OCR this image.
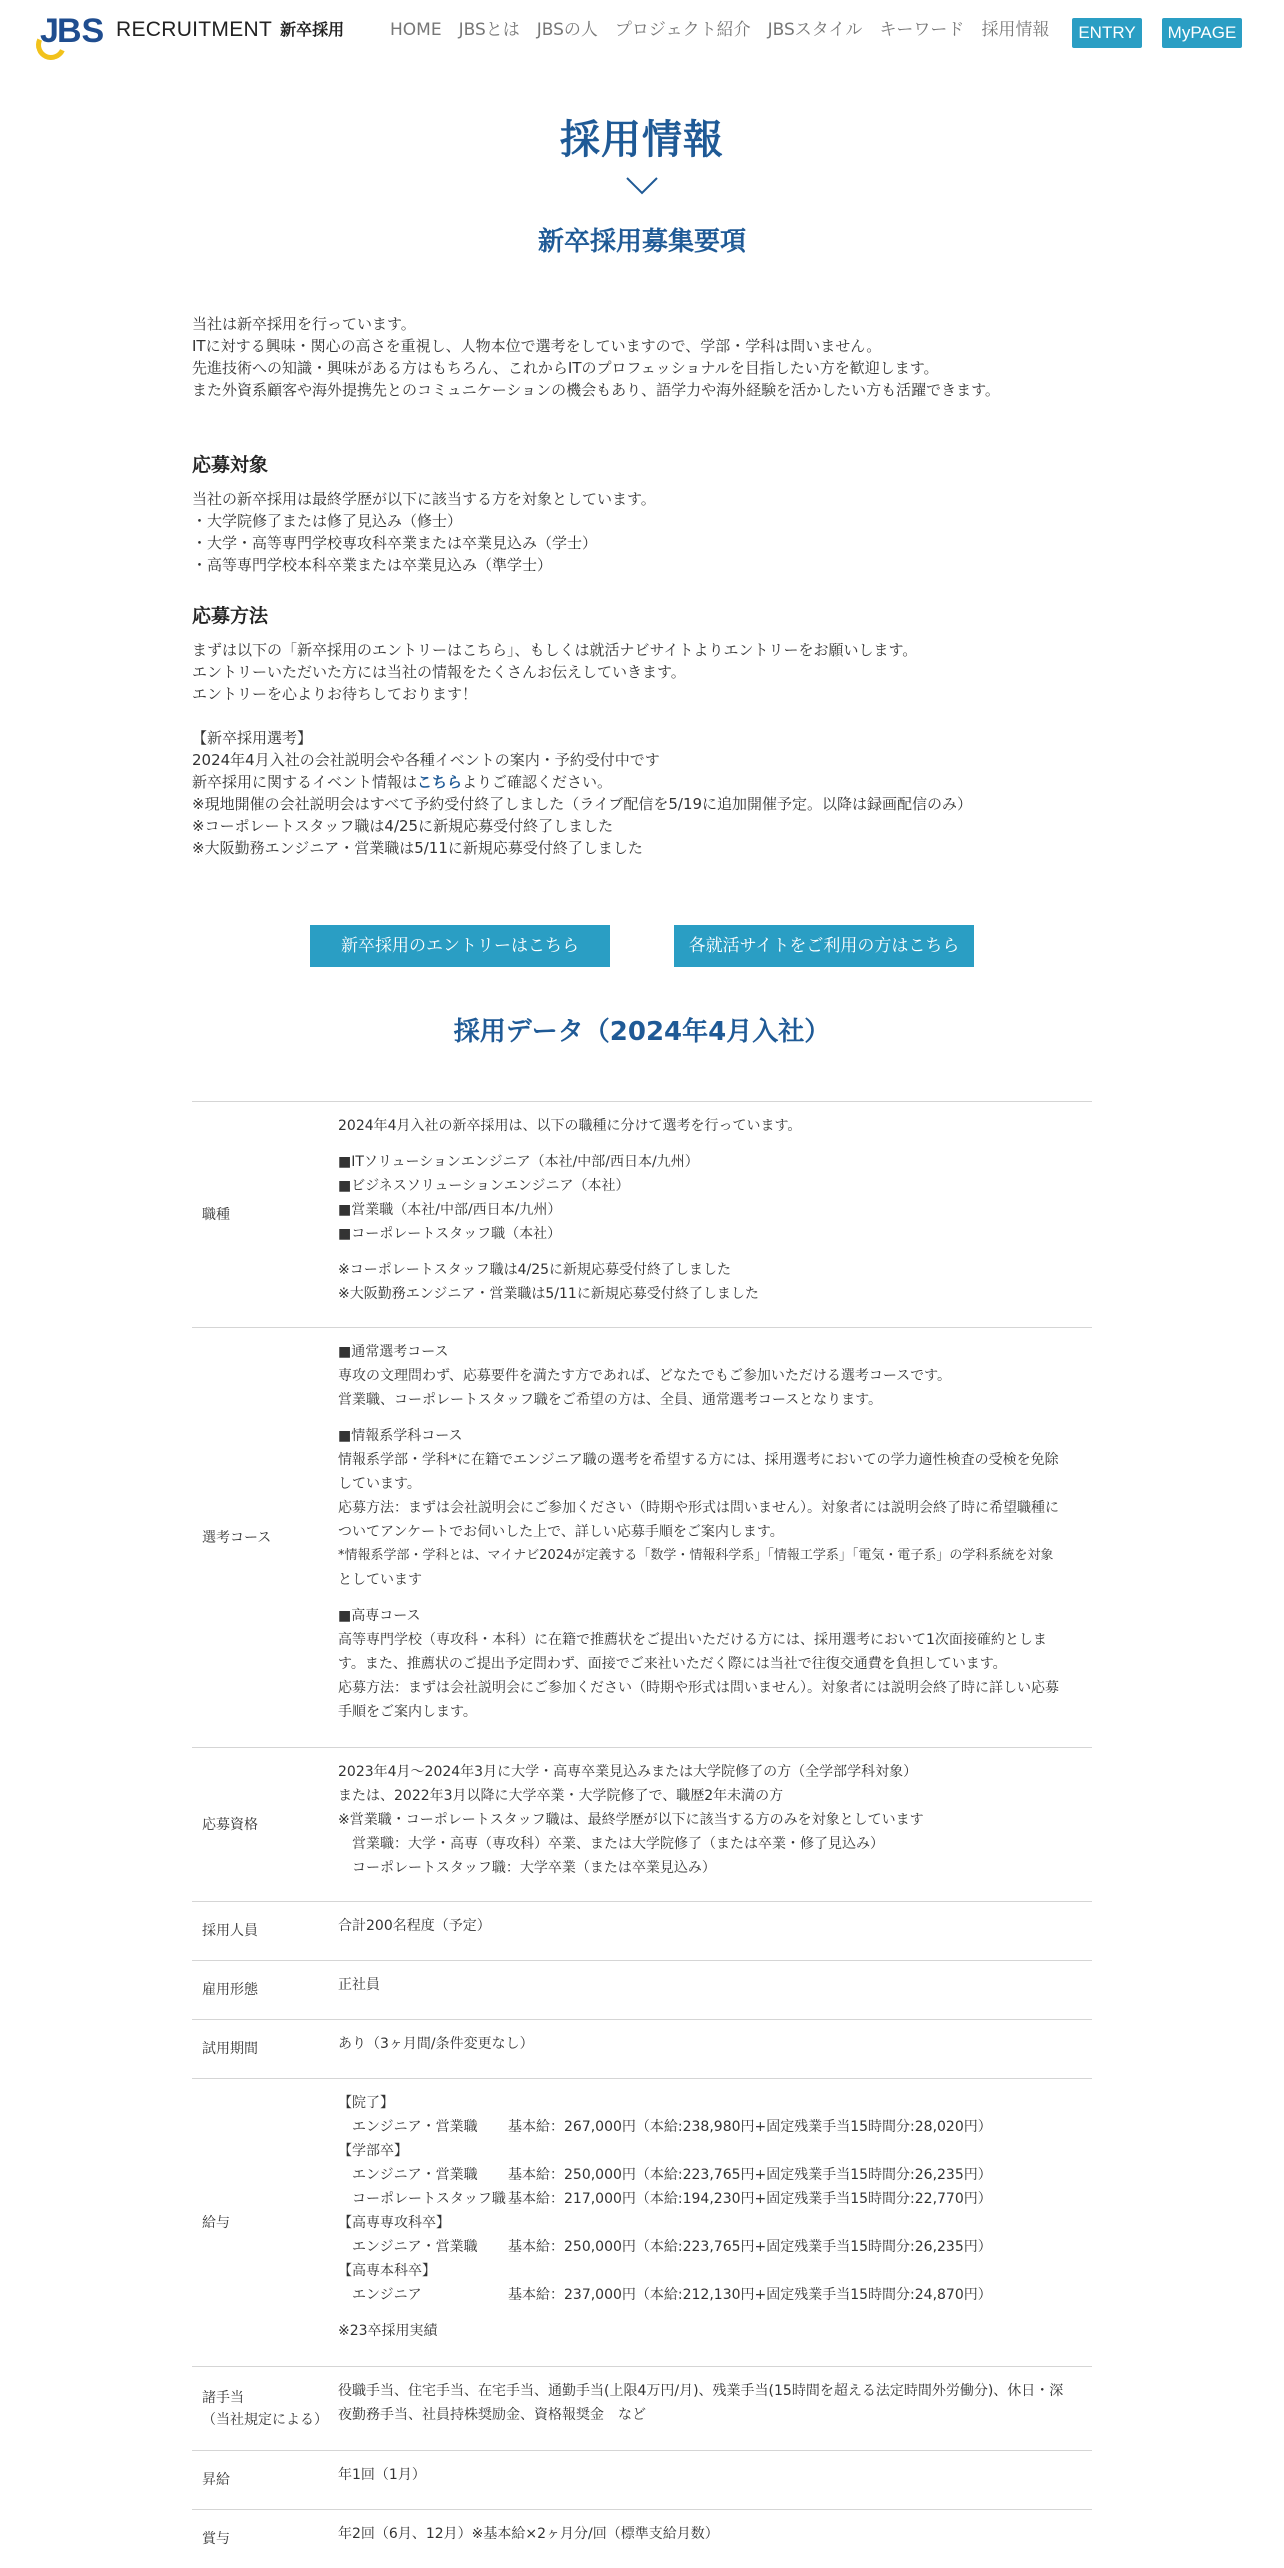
J
BS RECRUITMENT 新卒採用	HOME JBSとは JBSの人 プロジェクト紹介 JBSスタイル キーワード 採用情報	ENTRY	MyPAGE
採用情報
新卒採用募集要項

当社は新卒採用を行っています。

ITに対する興味・関心の高さを重視し、人物本位で選考をしていますので、学部・学科は問いません。

先進技術への知識・興味がある方はもちろん、これからITのプロフェッショナルを目指したい方を歓迎します。

また外資系顧客や海外提携先とのコミュニケーションの機会もあり、語学力や海外経験を活かしたい方も活躍できます。

応募対象

当社の新卒採用は最終学歴が以下に該当する方を対象としています。

・大学院修了または修了見込み（修士）

・大学・高等専門学校専攻科卒業または卒業見込み（学士）

・高等専門学校本科卒業または卒業見込み（準学士）

応募方法

まずは以下の「新卒採用のエントリーはこちら」、もしくは就活ナビサイトよりエントリーをお願いします。

エントリーいただいた方には当社の情報をたくさんお伝えしていきます。

エントリーを心よりお待ちしております！

【新卒採用選考】

2024年4月入社の会社説明会や各種イベントの案内・予約受付中です

新卒採用に関するイベント情報はこちらよりご確認ください。

※現地開催の会社説明会はすべて予約受付終了しました（ライブ配信を5/19に追加開催予定。以降は録画配信のみ）

※コーポレートスタッフ職は4/25に新規応募受付終了しました

※大阪勤務エンジニア・営業職は5/11に新規応募受付終了しました

新卒採用のエントリーはこちら	各就活サイトをご利用の方はこちら
採用データ（2024年4月入社）
職種

2024年4月入社の新卒採用は、以下の職種に分けて選考を行っています。

■ITソリューションエンジニア（本社/中部/西日本/九州）

■ビジネスソリューションエンジニア（本社）

■営業職（本社/中部/西日本/九州）

■コーポレートスタッフ職（本社）

※コーポレートスタッフ職は4/25に新規応募受付終了しました

※大阪勤務エンジニア・営業職は5/11に新規応募受付終了しました

選考コース

■通常選考コース

専攻の文理問わず、応募要件を満たす方であれば、どなたでもご参加いただける選考コースです。

営業職、コーポレートスタッフ職をご希望の方は、全員、通常選考コースとなります。

■情報系学科コース

情報系学部・学科*に在籍でエンジニア職の選考を希望する方には、採用選考においての学力適性検査の受検を免除

しています。

応募方法：まずは会社説明会にご参加ください（時期や形式は問いません）。対象者には説明会終了時に希望職種に

ついてアンケートでお伺いした上で、詳しい応募手順をご案内します。

*情報系学部・学科とは、マイナビ2024が定義する「数学・情報科学系」「情報工学系」「電気・電子系」の学科系統を対象

としています

■高専コース

高等専門学校（専攻科・本科）に在籍で推薦状をご提出いただける方には、採用選考において1次面接確約としま

す。また、推薦状のご提出予定問わず、面接でご来社いただく際には当社で往復交通費を負担しています。

応募方法：まずは会社説明会にご参加ください（時期や形式は問いません）。対象者には説明会終了時に詳しい応募

手順をご案内します。

応募資格

2023年4月～2024年3月に大学・高専卒業見込みまたは大学院修了の方（全学部学科対象）

または、2022年3月以降に大学卒業・大学院修了で、職歴2年未満の方

※営業職・コーポレートスタッフ職は、最終学歴が以下に該当する方のみを対象としています

　営業職：大学・高専（専攻科）卒業、または大学院修了（または卒業・修了見込み）

　コーポレートスタッフ職：大学卒業（または卒業見込み）

採用人員	合計200名程度（予定）

雇用形態	正社員

試用期間	あり（3ヶ月間/条件変更なし）

給与

【院了】

エンジニア・営業職	基本給：267,000円（本給:238,980円+固定残業手当15時間分:28,020円）

【学部卒】

エンジニア・営業職	基本給：250,000円（本給:223,765円+固定残業手当15時間分:26,235円）
コーポレートスタッフ職 基本給：217,000円（本給:194,230円+固定残業手当15時間分:22,770円）

【高専専攻科卒】

エンジニア・営業職	基本給：250,000円（本給:223,765円+固定残業手当15時間分:26,235円）

【高専本科卒】

エンジニア	基本給：237,000円（本給:212,130円+固定残業手当15時間分:24,870円）

※23卒採用実績

諸手当
（当社規定による）

役職手当、住宅手当、在宅手当、通勤手当(上限4万円/月)、残業手当(15時間を超える法定時間外労働分)、休日・深

夜勤務手当、社員持株奨励金、資格報奨金　など

昇給	年1回（1月）

賞与	年2回（6月、12月）※基本給×2ヶ月分/回（標準支給月数）
